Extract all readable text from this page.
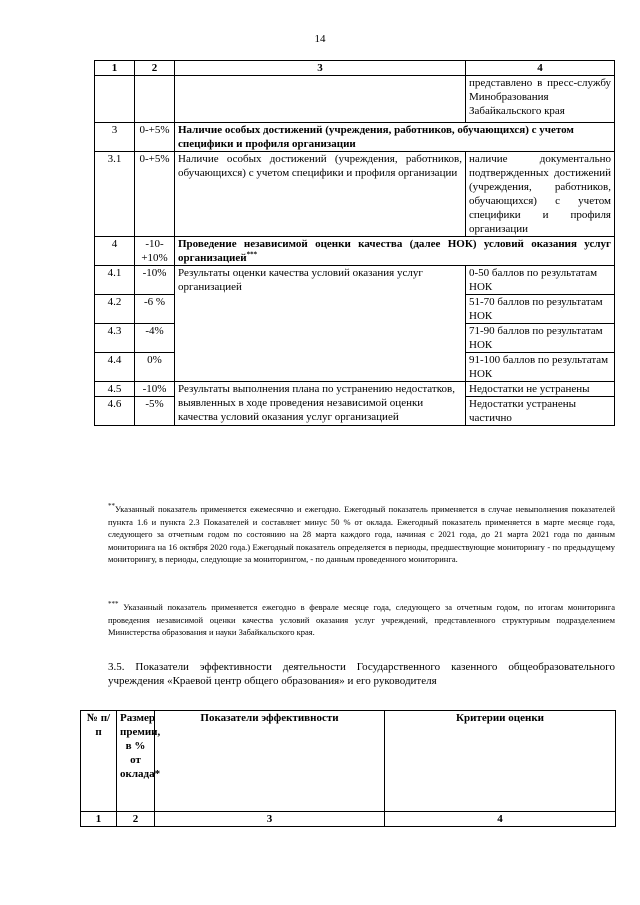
14
1	2	3	4
			представлено в пресс-службу Минобразования Забайкальского края
3	0-+5%	Наличие особых достижений (учреждения, работников, обучающихся) с учетом специфики и профиля организации	
3.1	0-+5%	Наличие особых достижений (учреждения, работников, обучающихся) с учетом специфики и профиля организации	наличие документально подтвержденных достижений (учреждения, работников, обучающихся) с учетом специфики и профиля организации
4	-10-+10%	Проведение независимой оценки качества (далее НОК) условий оказания услуг организацией***
4.1	-10%	Результаты оценки качества условий оказания услуг организацией	0-50 баллов по результатам НОК
4.2	-6 %		51-70 баллов по результатам НОК
4.3	-4%		71-90 баллов по результатам НОК
4.4	0%		91-100 баллов по результатам НОК
4.5	-10%	Результаты выполнения плана по устранению недостатков, выявленных в ходе проведения независимой оценки качества условий оказания услуг организацией	Недостатки не устранены
4.6	-5%		Недостатки устранены частично
**Указанный показатель применяется ежемесячно и ежегодно. Ежегодный показатель применяется в случае невыполнения показателей пункта 1.6 и пункта 2.3 Показателей и составляет минус 50 % от оклада. Ежегодный показатель применяется в марте месяце года, следующего за отчетным годом по состоянию на 28 марта каждого года, начиная с 2021 года, до 21 марта 2021 года по данным мониторинга на 16 октября 2020 года.) Ежегодный показатель определяется в периоды, предшествующие мониторингу - по предыдущему мониторингу, в периоды, следующие за мониторингом, - по данным проведенного мониторинга.
*** Указанный показатель применяется ежегодно в феврале месяце года, следующего за отчетным годом, по итогам мониторинга проведения независимой оценки качества условий оказания услуг учреждений, представленного структурным подразделением Министерства образования и науки Забайкальского края.
3.5. Показатели эффективности деятельности Государственного казенного общеобразовательного учреждения «Краевой центр общего образования» и его руководителя
№ п/п	Размер премии, в % от оклада*	Показатели эффективности	Критерии оценки
1	2	3	4
